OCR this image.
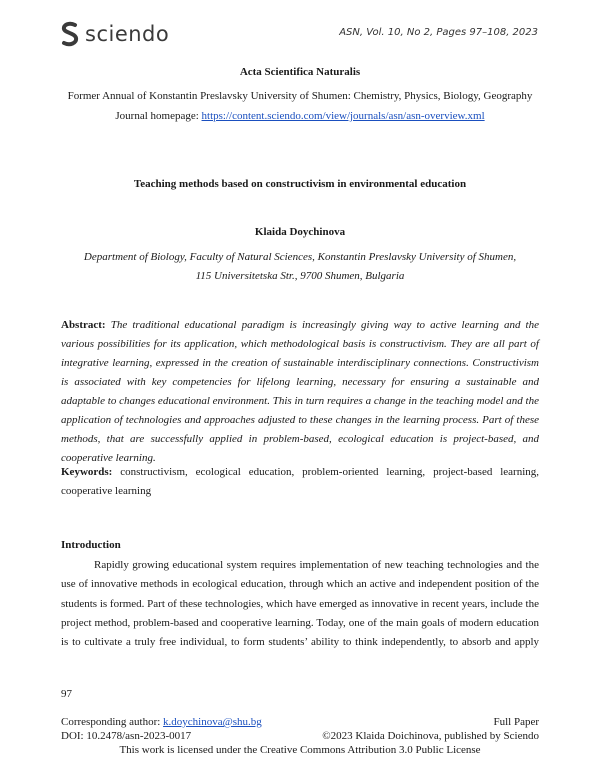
sciendo	ASN, Vol. 10, No 2, Pages 97–108, 2023
Acta Scientifica Naturalis
Former Annual of Konstantin Preslavsky University of Shumen: Chemistry, Physics, Biology, Geography
Journal homepage: https://content.sciendo.com/view/journals/asn/asn-overview.xml
Teaching methods based on constructivism in environmental education
Klaida Doychinova
Department of Biology, Faculty of Natural Sciences, Konstantin Preslavsky University of Shumen,
115 Universitetska Str., 9700 Shumen, Bulgaria
Abstract: The traditional educational paradigm is increasingly giving way to active learning and the various possibilities for its application, which methodological basis is constructivism. They are all part of integrative learning, expressed in the creation of sustainable interdisciplinary connections. Constructivism is associated with key competencies for lifelong learning, necessary for ensuring a sustainable and adaptable to changes educational environment. This in turn requires a change in the teaching model and the application of technologies and approaches adjusted to these changes in the learning process. Part of these methods, that are successfully applied in problem-based, ecological education is project-based, and cooperative learning.
Keywords: constructivism, ecological education, problem-oriented learning, project-based learning, cooperative learning
Introduction

Rapidly growing educational system requires implementation of new teaching technologies and the use of innovative methods in ecological education, through which an active and independent position of the students is formed. Part of these technologies, which have emerged as innovative in recent years, include the project method, problem-based and cooperative learning. Today, one of the main goals of modern education is to cultivate a truly free individual, to form students’ ability to think independently, to absorb and apply

97
Corresponding author: k.doychinova@shu.bg	Full Paper
DOI: 10.2478/asn-2023-0017	©2023 Klaida Doichinova, published by Sciendo
This work is licensed under the Creative Commons Attribution 3.0 Public License
